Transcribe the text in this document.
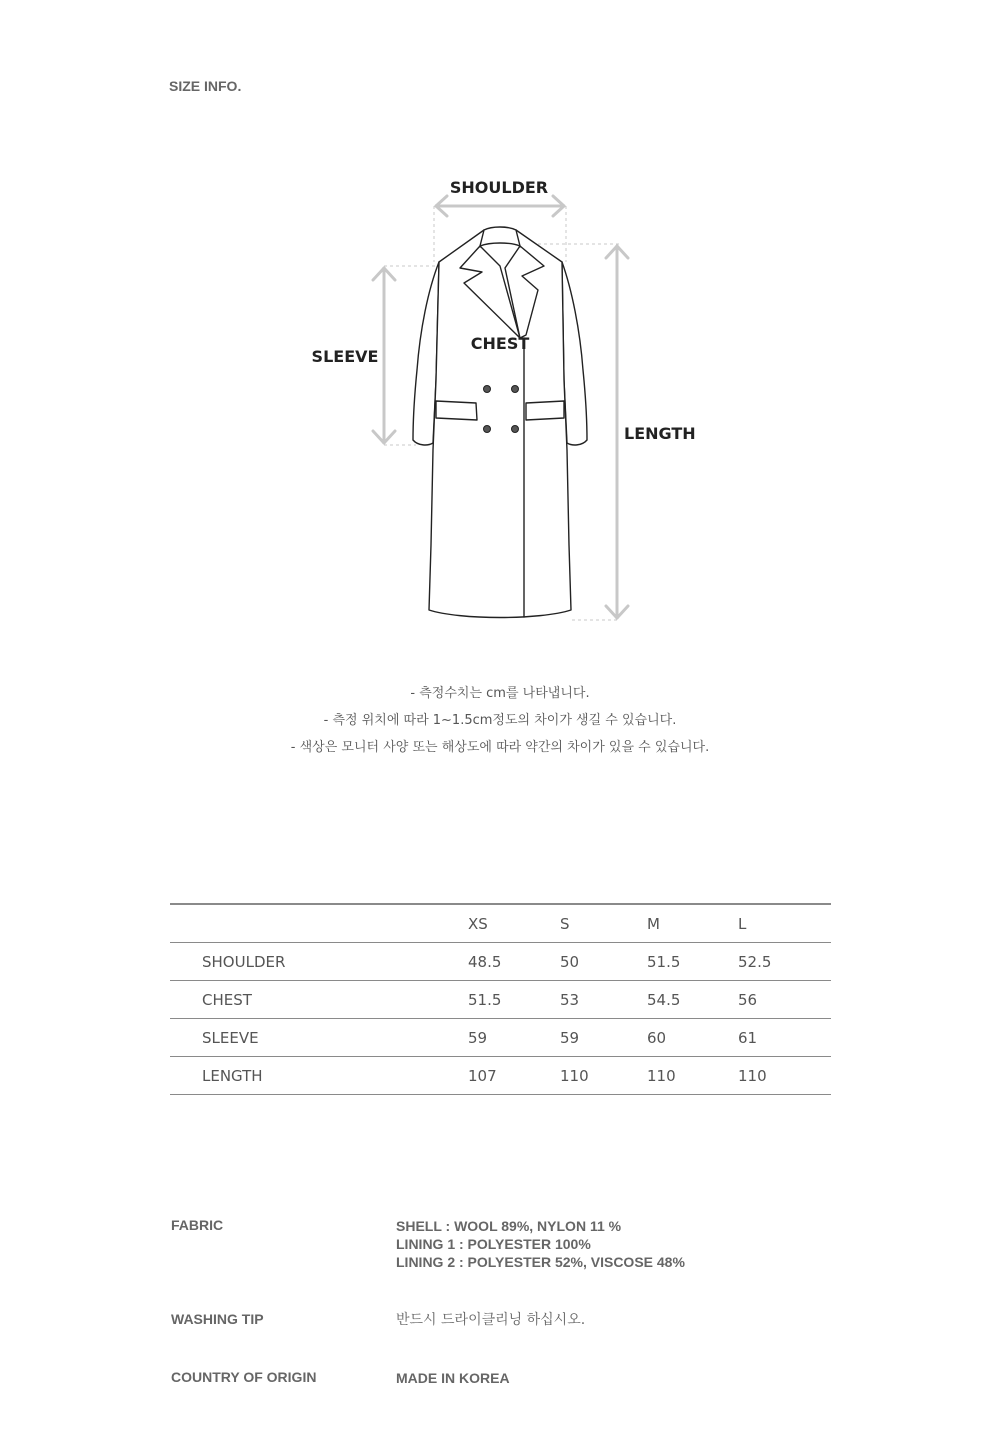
SIZE INFO.
SHOULDER
SLEEVE
CHEST
LENGTH
- 측정수치는 cm를 나타냅니다.
- 측정 위치에 따라 1~1.5cm정도의 차이가 생길 수 있습니다.
- 색상은 모니터 사양 또는 해상도에 따라 약간의 차이가 있을 수 있습니다.
	XS	S	M	L
SHOULDER	48.5	50	51.5	52.5
CHEST	51.5	53	54.5	56
SLEEVE	59	59	60	61
LENGTH	107	110	110	110
FABRIC	SHELL : WOOL 89%, NYLON 11 %
LINING 1 : POLYESTER 100%
LINING 2 : POLYESTER 52%, VISCOSE 48%
WASHING TIP	반드시 드라이클리닝 하십시오.
COUNTRY OF ORIGIN	MADE IN KOREA
